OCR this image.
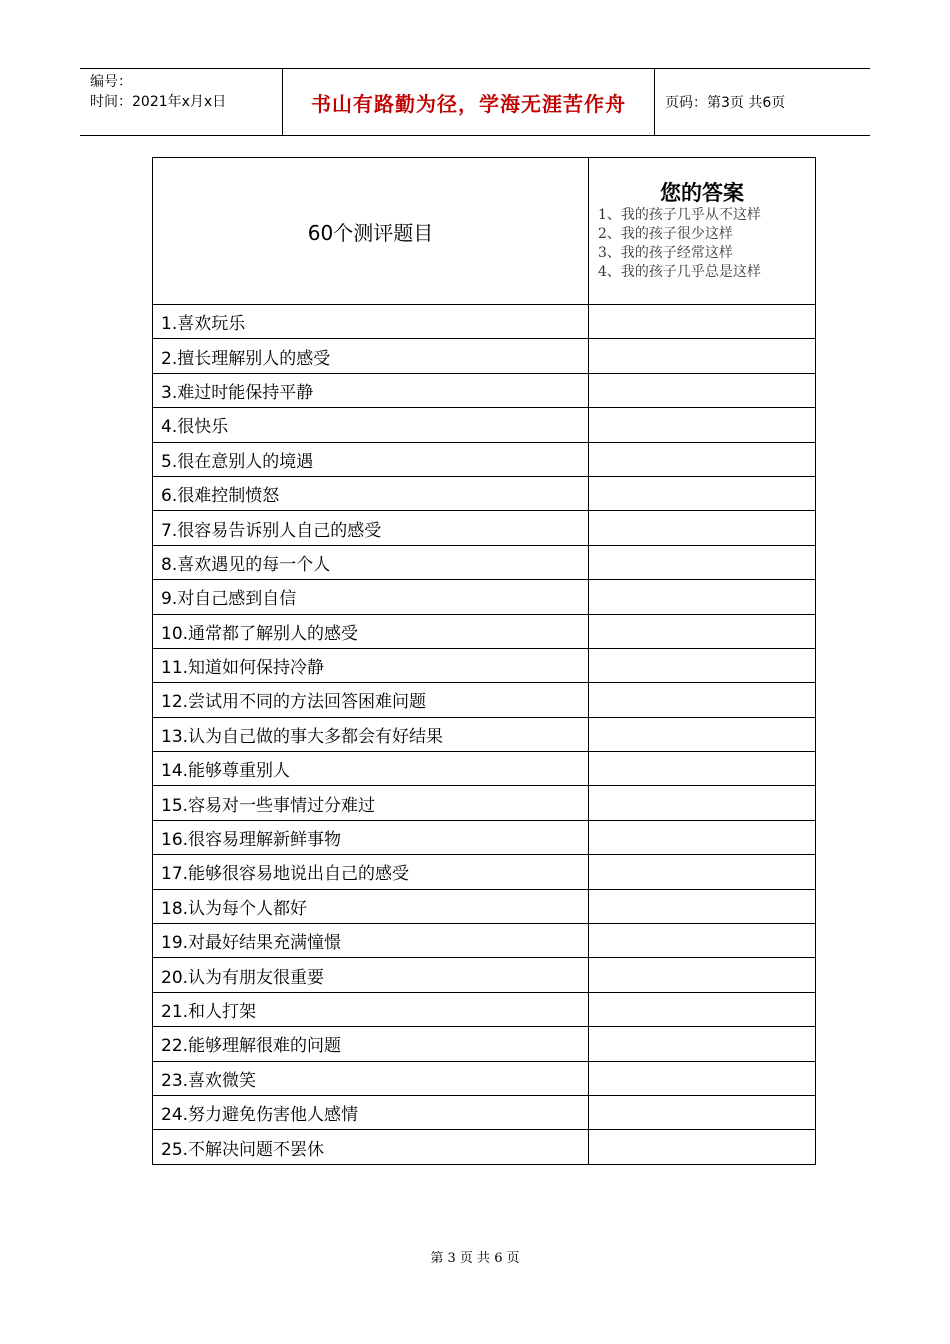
编号：
时间：2021年x月x日	书山有路勤为径，学海无涯苦作舟	页码：第3页 共6页
60个测评题目	您的答案
1、我的孩子几乎从不这样
2、我的孩子很少这样
3、我的孩子经常这样
4、我的孩子几乎总是这样

1.喜欢玩乐	
2.擅长理解别人的感受	
3.难过时能保持平静	
4.很快乐	
5.很在意别人的境遇	
6.很难控制愤怒	
7.很容易告诉别人自己的感受	
8.喜欢遇见的每一个人	
9.对自己感到自信	
10.通常都了解别人的感受	
11.知道如何保持冷静	
12.尝试用不同的方法回答困难问题	
13.认为自己做的事大多都会有好结果	
14.能够尊重别人	
15.容易对一些事情过分难过	
16.很容易理解新鲜事物	
17.能够很容易地说出自己的感受	
18.认为每个人都好	
19.对最好结果充满憧憬	
20.认为有朋友很重要	
21.和人打架	
22.能够理解很难的问题	
23.喜欢微笑	
24.努力避免伤害他人感情	
25.不解决问题不罢休	
第 3 页 共 6 页
